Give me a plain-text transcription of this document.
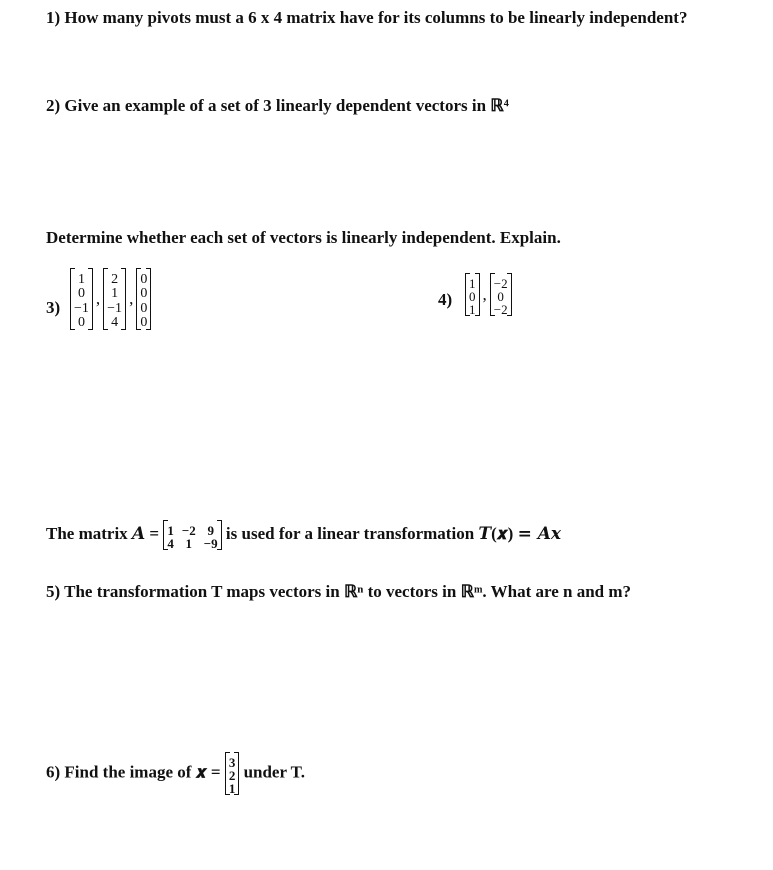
1) How many pivots must a 6 x 4 matrix have for its columns to be linearly independent?
2) Give an example of a set of 3 linearly dependent vectors in ℝ⁴
Determine whether each set of vectors is linearly independent. Explain.
3)
1
0
−1
0
,
2
1
−1
4
,
0
0
0
0
4)
1
0
1
,
−2
0
−2
The matrix A = 1 −2 9
4 1 −9
is used for a linear transformation T(𝒙) = A𝒙
5) The transformation T maps vectors in ℝⁿ to vectors in ℝᵐ. What are n and m?
6) Find the image of 𝒙 = 3
2
1
under T.
